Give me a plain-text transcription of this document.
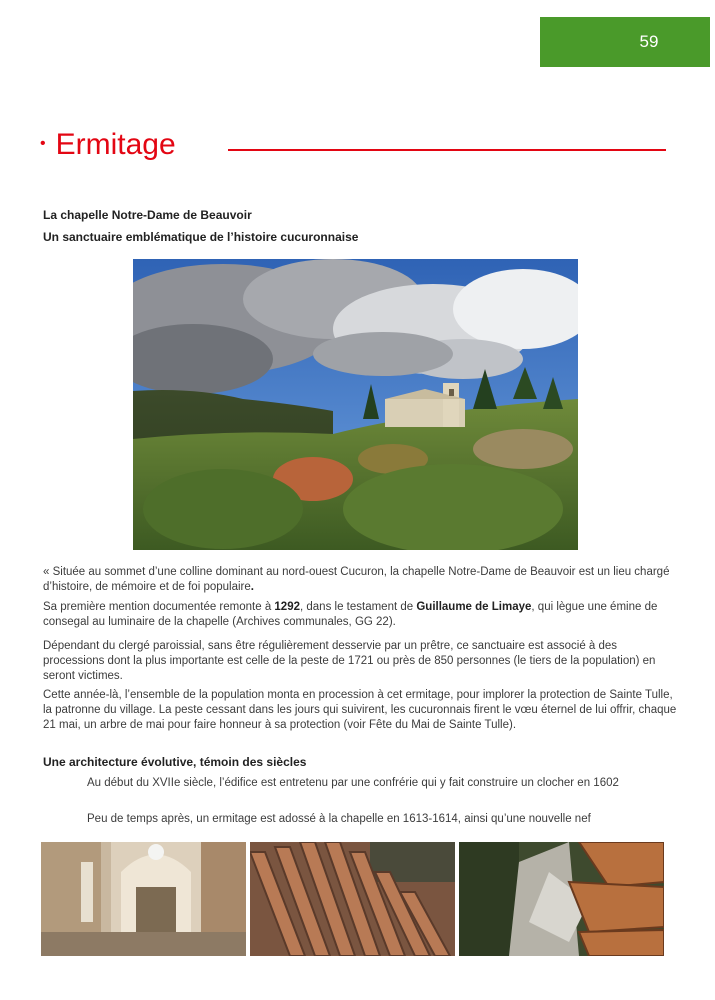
59
• Ermitage
La chapelle Notre-Dame de Beauvoir
Un sanctuaire emblématique de l’histoire cucuronnaise

« Située au sommet d’une colline dominant au nord-ouest Cucuron, la chapelle Notre-Dame de Beauvoir est un lieu chargé d’histoire, de mémoire et de foi populaire.

Sa première mention documentée remonte à 1292, dans le testament de Guillaume de Limaye, qui lègue une émine de consegal au luminaire de la chapelle (Archives communales, GG 22).

Dépendant du clergé paroissial, sans être régulièrement desservie par un prêtre, ce sanctuaire est associé à des processions dont la plus importante est celle de la peste de 1721 ou près de 850 personnes (le tiers de la population) en seront victimes.

Cette année-là, l’ensemble de la population monta en procession à cet ermitage, pour implorer la protection de Sainte Tulle, la patronne du village. La peste cessant dans les jours qui suivirent, les cucuronnais firent le vœu éternel de lui offrir, chaque 21 mai, un arbre de mai pour faire honneur à sa protection (voir Fête du Mai de Sainte Tulle).

Une architecture évolutive, témoin des siècles

Au début du XVIIe siècle, l’édifice est entretenu par une confrérie qui y fait construire un clocher en 1602

Peu de temps après, un ermitage est adossé à la chapelle en 1613-1614, ainsi qu’une nouvelle nef
